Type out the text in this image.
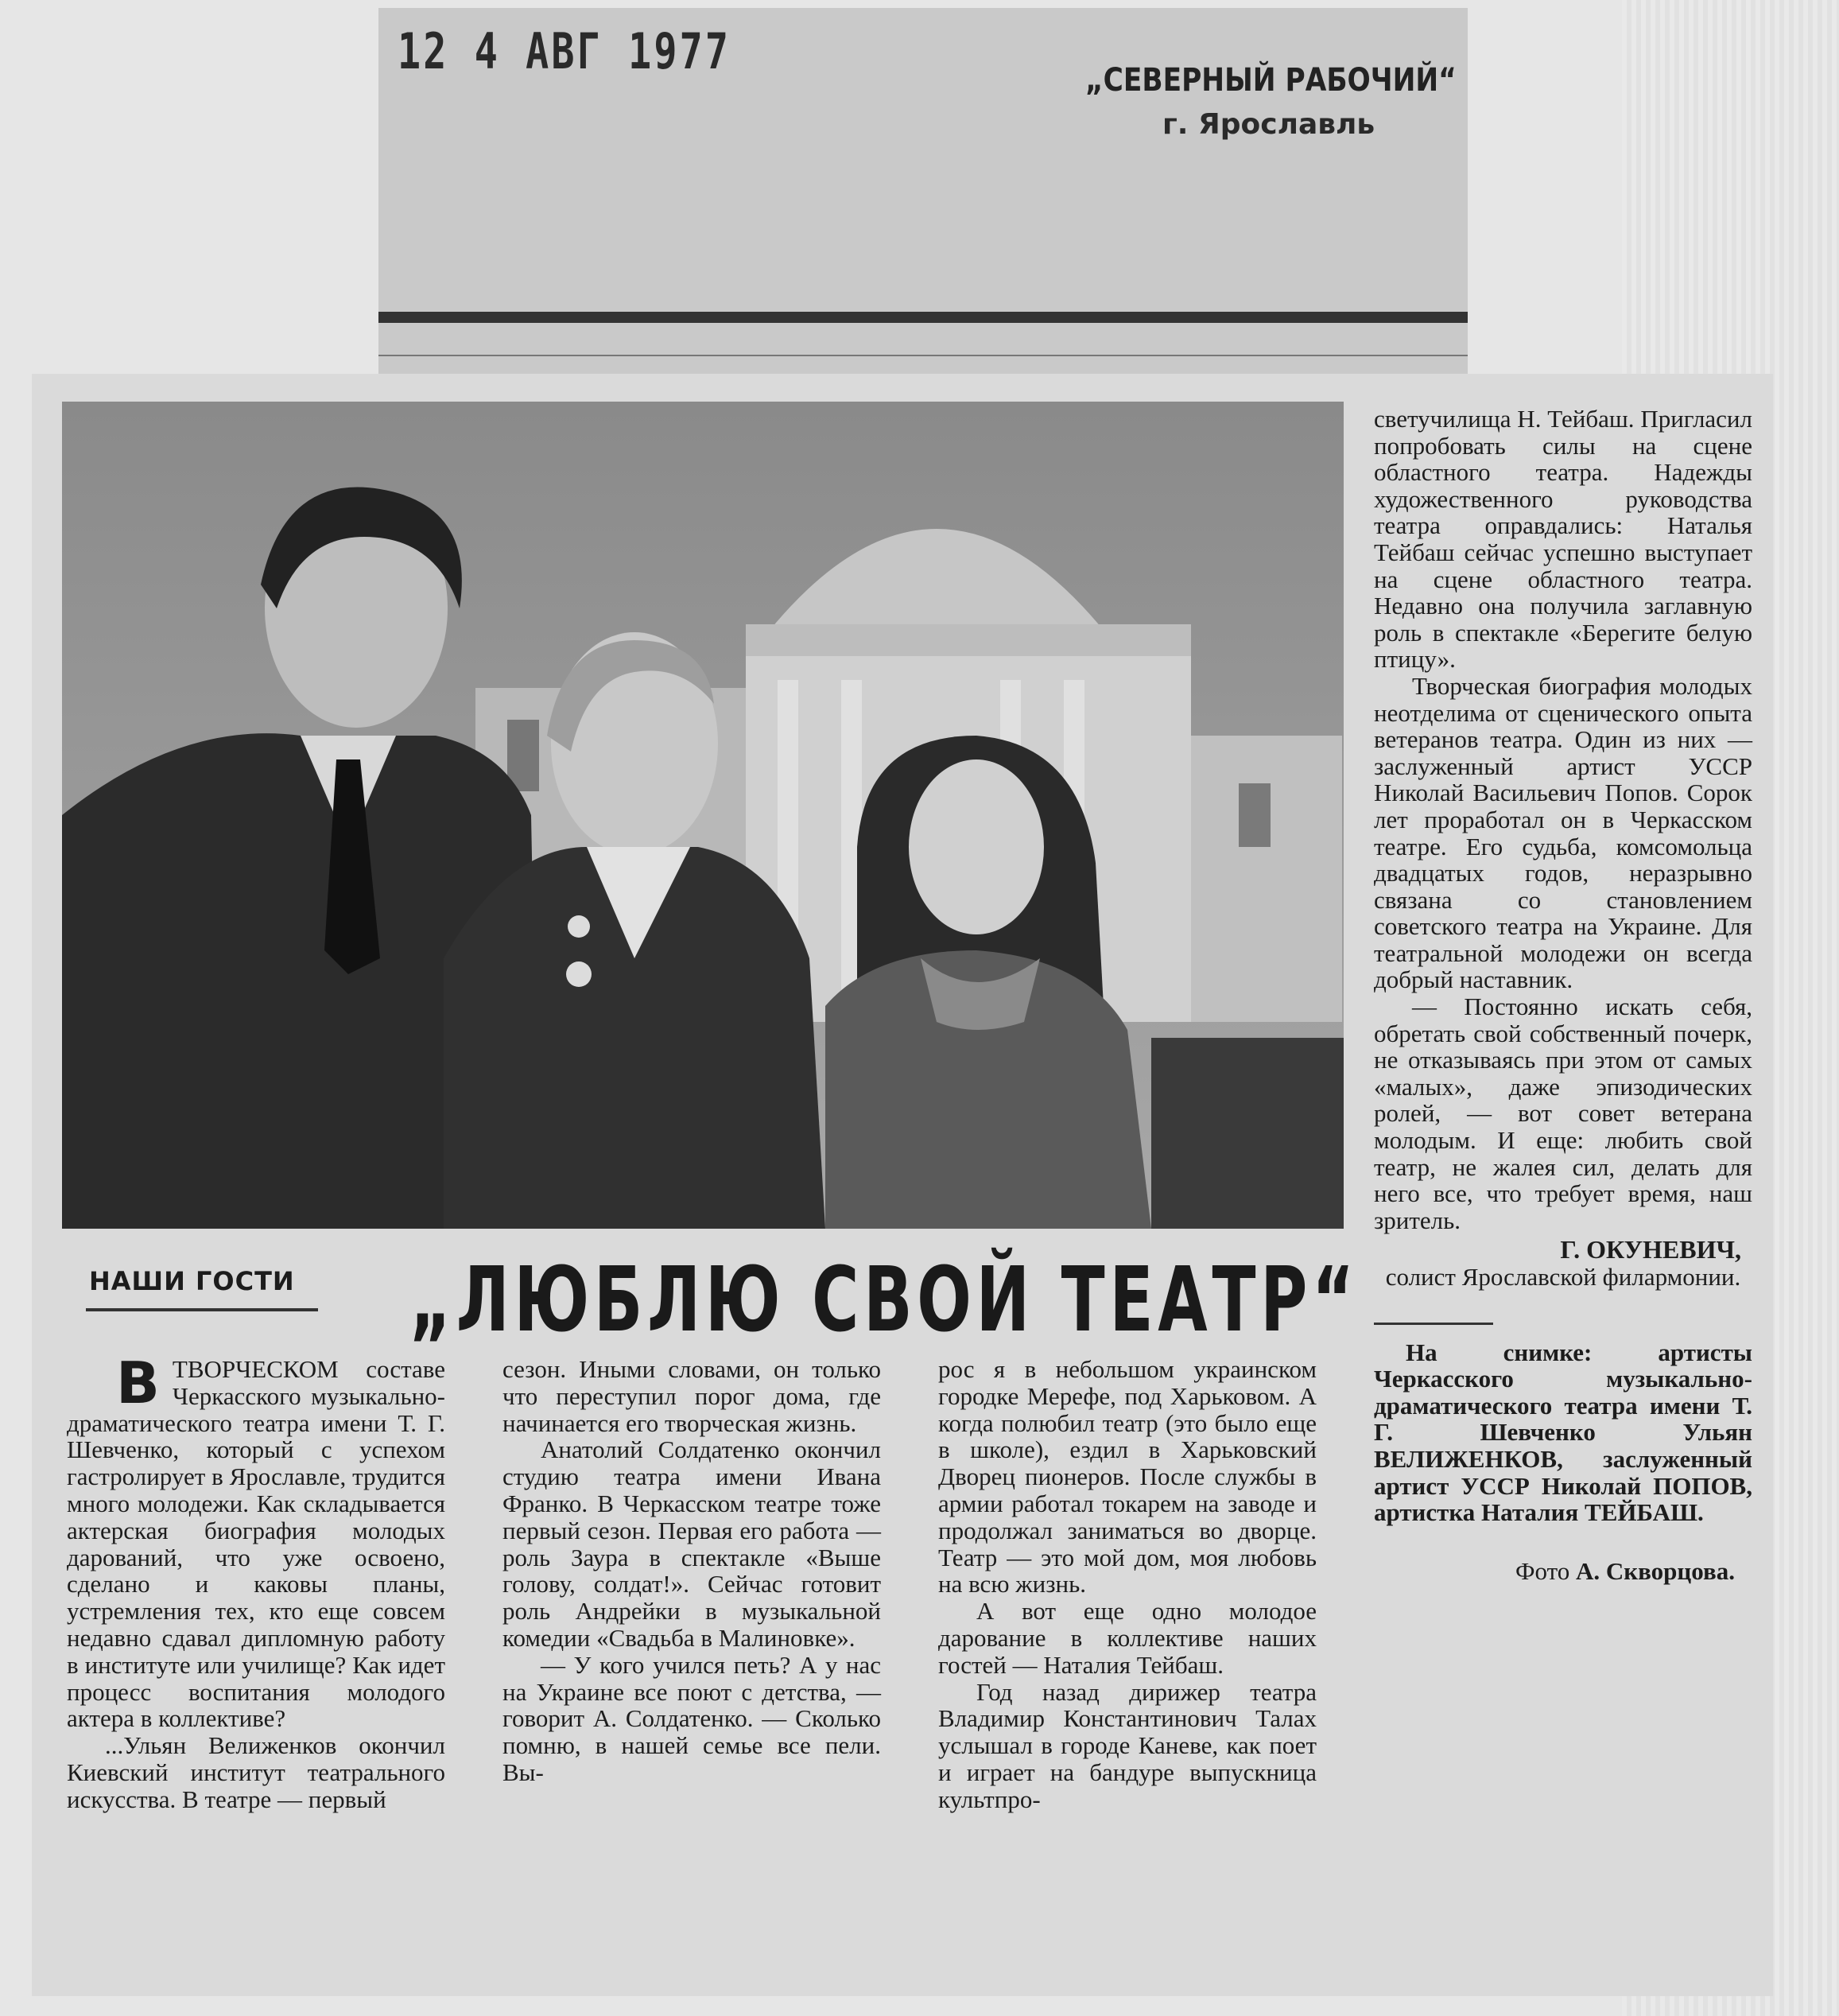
12 4 АВГ 1977	„СЕВЕРНЫЙ РАБОЧИЙ“
г. Ярославль
НАШИ ГОСТИ „ЛЮБЛЮ СВОЙ ТЕАТР“

ВТВОРЧЕСКОМ составе Черкасского музыкально-драматического театра имени Т. Г. Шевченко, который с успехом гастролирует в Ярославле, трудится много молодежи. Как складывается актерская биография молодых дарований, что уже освоено, сделано и каковы планы, устремления тех, кто еще совсем недавно сдавал дипломную работу в институте или училище? Как идет процесс воспитания молодого актера в коллективе?

...Ульян Велиженков окончил Киевский институт театрального искусства. В театре — первый

сезон. Иными словами, он только что переступил порог дома, где начинается его творческая жизнь.

Анатолий Солдатенко окончил студию театра имени Ивана Франко. В Черкасском театре тоже первый сезон. Первая его работа — роль Заура в спектакле «Выше голову, солдат!». Сейчас готовит роль Андрейки в музыкальной комедии «Свадьба в Малиновке».

— У кого учился петь? А у нас на Украине все поют с детства, — говорит А. Солдатенко. — Сколько помню, в нашей семье все пели. Вы-

рос я в небольшом украинском городке Мерефе, под Харьковом. А когда полюбил театр (это было еще в школе), ездил в Харьковский Дворец пионеров. После службы в армии работал токарем на заводе и продолжал заниматься во дворце. Театр — это мой дом, моя любовь на всю жизнь.

А вот еще одно молодое дарование в коллективе наших гостей — Наталия Тейбаш.

Год назад дирижер театра Владимир Константинович Талах услышал в городе Каневе, как поет и играет на бандуре выпускница культпро-

светучилища Н. Тейбаш. Пригласил попробовать силы на сцене областного театра. Надежды художественного руководства театра оправдались: Наталья Тейбаш сейчас успешно выступает на сцене областного театра. Недавно она получила заглавную роль в спектакле «Берегите белую птицу».

Творческая биография молодых неотделима от сценического опыта ветеранов театра. Один из них — заслуженный артист УССР Николай Васильевич Попов. Сорок лет проработал он в Черкасском театре. Его судьба, комсомольца двадцатых годов, неразрывно связана со становлением советского театра на Украине. Для театральной молодежи он всегда добрый наставник.

— Постоянно искать себя, обретать свой собственный почерк, не отказываясь при этом от самых «малых», даже эпизодических ролей, — вот совет ветерана молодым. И еще: любить свой театр, не жалея сил, делать для него все, что требует время, наш зритель.

Г. ОКУНЕВИЧ,

солист Ярославской филармонии.

На снимке: артисты Черкасского музыкально-драматического театра имени Т. Г. Шевченко Ульян ВЕЛИЖЕНКОВ, заслуженный артист УССР Николай ПОПОВ, артистка Наталия ТЕЙБАШ.

Фото А. Скворцова.
